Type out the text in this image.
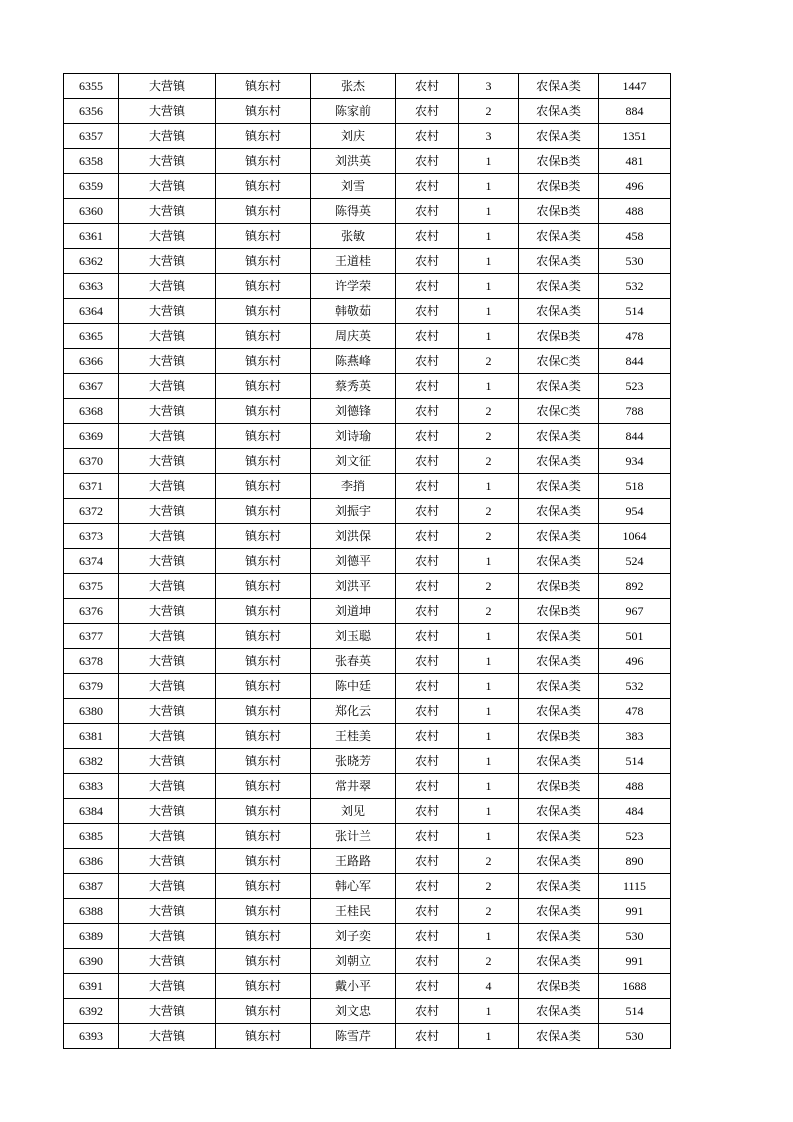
6355	大营镇	镇东村	张杰	农村	3	农保A类	1447
6356	大营镇	镇东村	陈家前	农村	2	农保A类	884
6357	大营镇	镇东村	刘庆	农村	3	农保A类	1351
6358	大营镇	镇东村	刘洪英	农村	1	农保B类	481
6359	大营镇	镇东村	刘雪	农村	1	农保B类	496
6360	大营镇	镇东村	陈得英	农村	1	农保B类	488
6361	大营镇	镇东村	张敏	农村	1	农保A类	458
6362	大营镇	镇东村	王道桂	农村	1	农保A类	530
6363	大营镇	镇东村	许学荣	农村	1	农保A类	532
6364	大营镇	镇东村	韩敬茹	农村	1	农保A类	514
6365	大营镇	镇东村	周庆英	农村	1	农保B类	478
6366	大营镇	镇东村	陈燕峰	农村	2	农保C类	844
6367	大营镇	镇东村	蔡秀英	农村	1	农保A类	523
6368	大营镇	镇东村	刘德锋	农村	2	农保C类	788
6369	大营镇	镇东村	刘诗瑜	农村	2	农保A类	844
6370	大营镇	镇东村	刘文征	农村	2	农保A类	934
6371	大营镇	镇东村	李捎	农村	1	农保A类	518
6372	大营镇	镇东村	刘振宇	农村	2	农保A类	954
6373	大营镇	镇东村	刘洪保	农村	2	农保A类	1064
6374	大营镇	镇东村	刘德平	农村	1	农保A类	524
6375	大营镇	镇东村	刘洪平	农村	2	农保B类	892
6376	大营镇	镇东村	刘道坤	农村	2	农保B类	967
6377	大营镇	镇东村	刘玉聪	农村	1	农保A类	501
6378	大营镇	镇东村	张春英	农村	1	农保A类	496
6379	大营镇	镇东村	陈中廷	农村	1	农保A类	532
6380	大营镇	镇东村	郑化云	农村	1	农保A类	478
6381	大营镇	镇东村	王桂美	农村	1	农保B类	383
6382	大营镇	镇东村	张晓芳	农村	1	农保A类	514
6383	大营镇	镇东村	常井翠	农村	1	农保B类	488
6384	大营镇	镇东村	刘见	农村	1	农保A类	484
6385	大营镇	镇东村	张计兰	农村	1	农保A类	523
6386	大营镇	镇东村	王路路	农村	2	农保A类	890
6387	大营镇	镇东村	韩心军	农村	2	农保A类	1115
6388	大营镇	镇东村	王桂民	农村	2	农保A类	991
6389	大营镇	镇东村	刘子奕	农村	1	农保A类	530
6390	大营镇	镇东村	刘朝立	农村	2	农保A类	991
6391	大营镇	镇东村	戴小平	农村	4	农保B类	1688
6392	大营镇	镇东村	刘文忠	农村	1	农保A类	514
6393	大营镇	镇东村	陈雪芹	农村	1	农保A类	530
